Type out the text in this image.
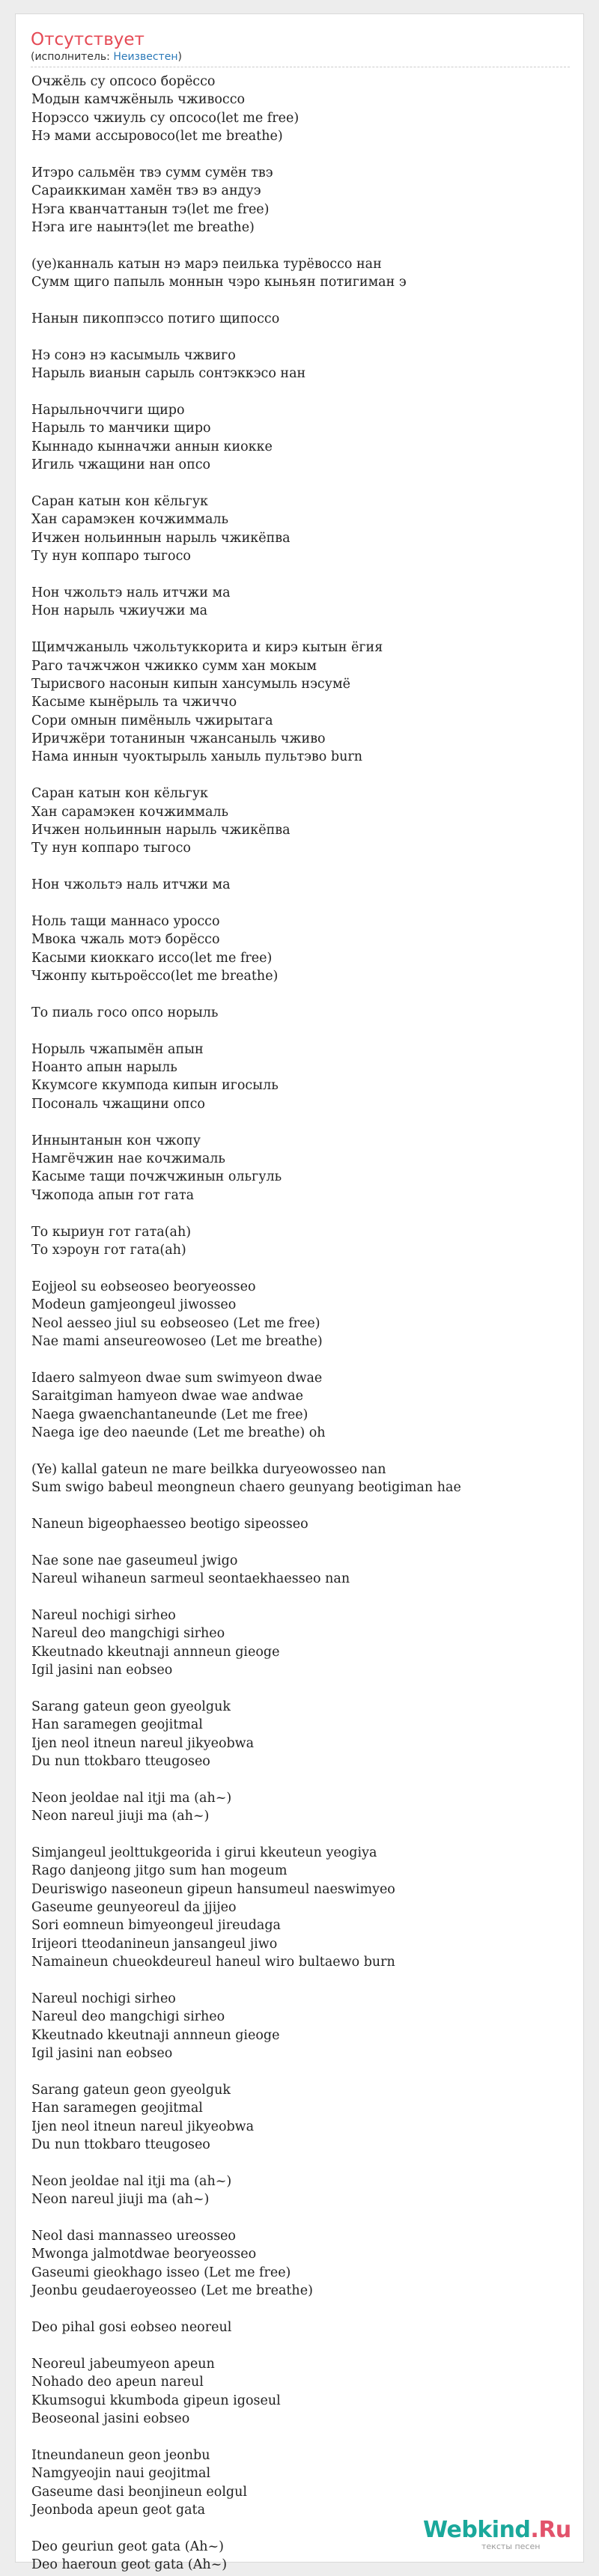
Отсутствует
(исполнитель: Неизвестен)
Очжёль су опсосо борёссо
Модын камчжёныль чживоссо
Норэссо чжиуль су опсосо(let me free)
Нэ мами ассыровосо(let me breathe)
Итэро сальмён твэ сумм сумён твэ
Сараиккиман хамён твэ вэ андуэ
Нэга кванчаттанын тэ(let me free)
Нэга иге наынтэ(let me breathe)
(ye)канналь катын нэ марэ пеилька турёвоссо нан
Сумм щиго папыль моннын чэро кыньян потигиман э
Нанын пикоппэссо потиго щипоссо
Нэ сонэ нэ касымыль чжвиго
Нарыль вианын сарыль сонтэккэсо нан
Нарыльноччиги щиро
Нарыль то манчики щиро
Кыннадо кынначжи аннын киокке
Игиль чжащини нан опсо
Саран катын кон кёльгук
Хан сарамэкен кочжиммаль
Ичжен нольиннын нарыль чжикёпва
Ту нун коппаро тыгосо
Нон чжольтэ наль итчжи ма
Нон нарыль чжиучжи ма
Щимчжаныль чжольтуккорита и кирэ кытын ёгия
Раго тачжчжон чжикко сумм хан мокым
Тырисвого насонын кипын хансумыль нэсумё
Касыме кынёрыль та чжиччо
Сори омнын пимёныль чжирытага
Иричжёри тотанинын чжансаныль чживо
Нама иннын чуоктырыль ханыль пультэво burn
Саран катын кон кёльгук
Хан сарамэкен кочжиммаль
Ичжен нольиннын нарыль чжикёпва
Ту нун коппаро тыгосо
Нон чжольтэ наль итчжи ма
Ноль тащи маннасо уроссо
Мвока чжаль мотэ борёссо
Касыми киоккаго иссо(let me free)
Чжонпу кытьроёссо(let me breathe)
То пиаль госо опсо норыль
Норыль чжапымён апын
Ноанто апын нарыль
Ккумсоге ккумпода кипын игосыль
Посональ чжащини опсо
Иннынтанын кон чжопу
Намгёчжин нае кочжималь
Касыме тащи почжчжинын ольгуль
Чжопода апын гот гата
То кыриун гот гата(ah)
То хэроун гот гата(ah)
Eojjeol su eobseoseo beoryeosseo
Modeun gamjeongeul jiwosseo
Neol aesseo jiul su eobseoseo (Let me free)
Nae mami anseureowoseo (Let me breathe)
Idaero salmyeon dwae sum swimyeon dwae
Saraitgiman hamyeon dwae wae andwae
Naega gwaenchantaneunde (Let me free)
Naega ige deo naeunde (Let me breathe) oh
(Ye) kallal gateun ne mare beilkka duryeowosseo nan
Sum swigo babeul meongneun chaero geunyang beotigiman hae
Naneun bigeophaesseo beotigo sipeosseo
Nae sone nae gaseumeul jwigo
Nareul wihaneun sarmeul seontaekhaesseo nan
Nareul nochigi sirheo
Nareul deo mangchigi sirheo
Kkeutnado kkeutnaji annneun gieoge
Igil jasini nan eobseo
Sarang gateun geon gyeolguk
Han saramegen geojitmal
Ijen neol itneun nareul jikyeobwa
Du nun ttokbaro tteugoseo
Neon jeoldae nal itji ma (ah~)
Neon nareul jiuji ma (ah~)
Simjangeul jeolttukgeorida i girui kkeuteun yeogiya
Rago danjeong jitgo sum han mogeum
Deuriswigo naseoneun gipeun hansumeul naeswimyeo
Gaseume geunyeoreul da jjijeo
Sori eomneun bimyeongeul jireudaga
Irijeori tteodanineun jansangeul jiwo
Namaineun chueokdeureul haneul wiro bultaewo burn
Nareul nochigi sirheo
Nareul deo mangchigi sirheo
Kkeutnado kkeutnaji annneun gieoge
Igil jasini nan eobseo
Sarang gateun geon gyeolguk
Han saramegen geojitmal
Ijen neol itneun nareul jikyeobwa
Du nun ttokbaro tteugoseo
Neon jeoldae nal itji ma (ah~)
Neon nareul jiuji ma (ah~)
Neol dasi mannasseo ureosseo
Mwonga jalmotdwae beoryeosseo
Gaseumi gieokhago isseo (Let me free)
Jeonbu geudaeroyeosseo (Let me breathe)
Deo pihal gosi eobseo neoreul
Neoreul jabeumyeon apeun
Nohado deo apeun nareul
Kkumsogui kkumboda gipeun igoseul
Beoseonal jasini eobseo
Itneundaneun geon jeonbu
Namgyeojin naui geojitmal
Gaseume dasi beonjineun eolgul
Jeonboda apeun geot gata
Deo geuriun geot gata (Ah~)
Deo haeroun geot gata (Ah~)
Webkind.Ru
тексты песен
